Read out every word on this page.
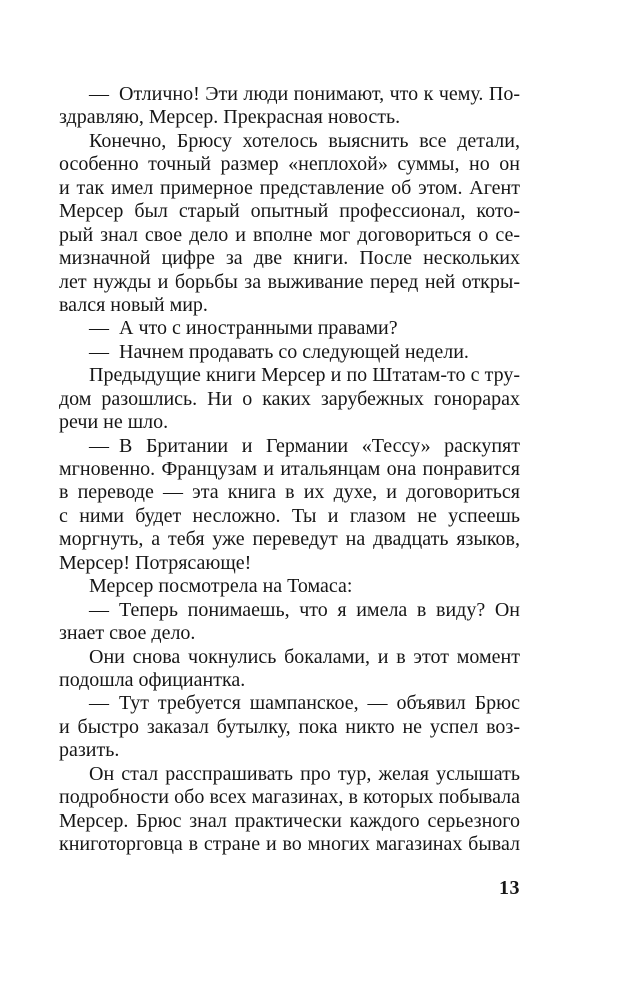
— Отлично! Эти люди понимают, что к чему. По-
здравляю, Мерсер. Прекрасная новость.
Конечно, Брюсу хотелось выяснить все детали,
особенно точный размер «неплохой» суммы, но он
и так имел примерное представление об этом. Агент
Мерсер был старый опытный профессионал, кото-
рый знал свое дело и вполне мог договориться о се-
мизначной цифре за две книги. После нескольких
лет нужды и борьбы за выживание перед ней откры-
вался новый мир.
— А что с иностранными правами?
— Начнем продавать со следующей недели.
Предыдущие книги Мерсер и по Штатам-то с тру-
дом разошлись. Ни о каких зарубежных гонорарах
речи не шло.
— В Британии и Германии «Тессу» раскупят
мгновенно. Французам и итальянцам она понравится
в переводе — эта книга в их духе, и договориться
с ними будет несложно. Ты и глазом не успеешь
моргнуть, а тебя уже переведут на двадцать языков,
Мерсер! Потрясающе!
Мерсер посмотрела на Томаса:
— Теперь понимаешь, что я имела в виду? Он
знает свое дело.
Они снова чокнулись бокалами, и в этот момент
подошла официантка.
— Тут требуется шампанское, — объявил Брюс
и быстро заказал бутылку, пока никто не успел воз-
разить.
Он стал расспрашивать про тур, желая услышать
подробности обо всех магазинах, в которых побывала
Мерсер. Брюс знал практически каждого серьезного
книготорговца в стране и во многих магазинах бывал
13
